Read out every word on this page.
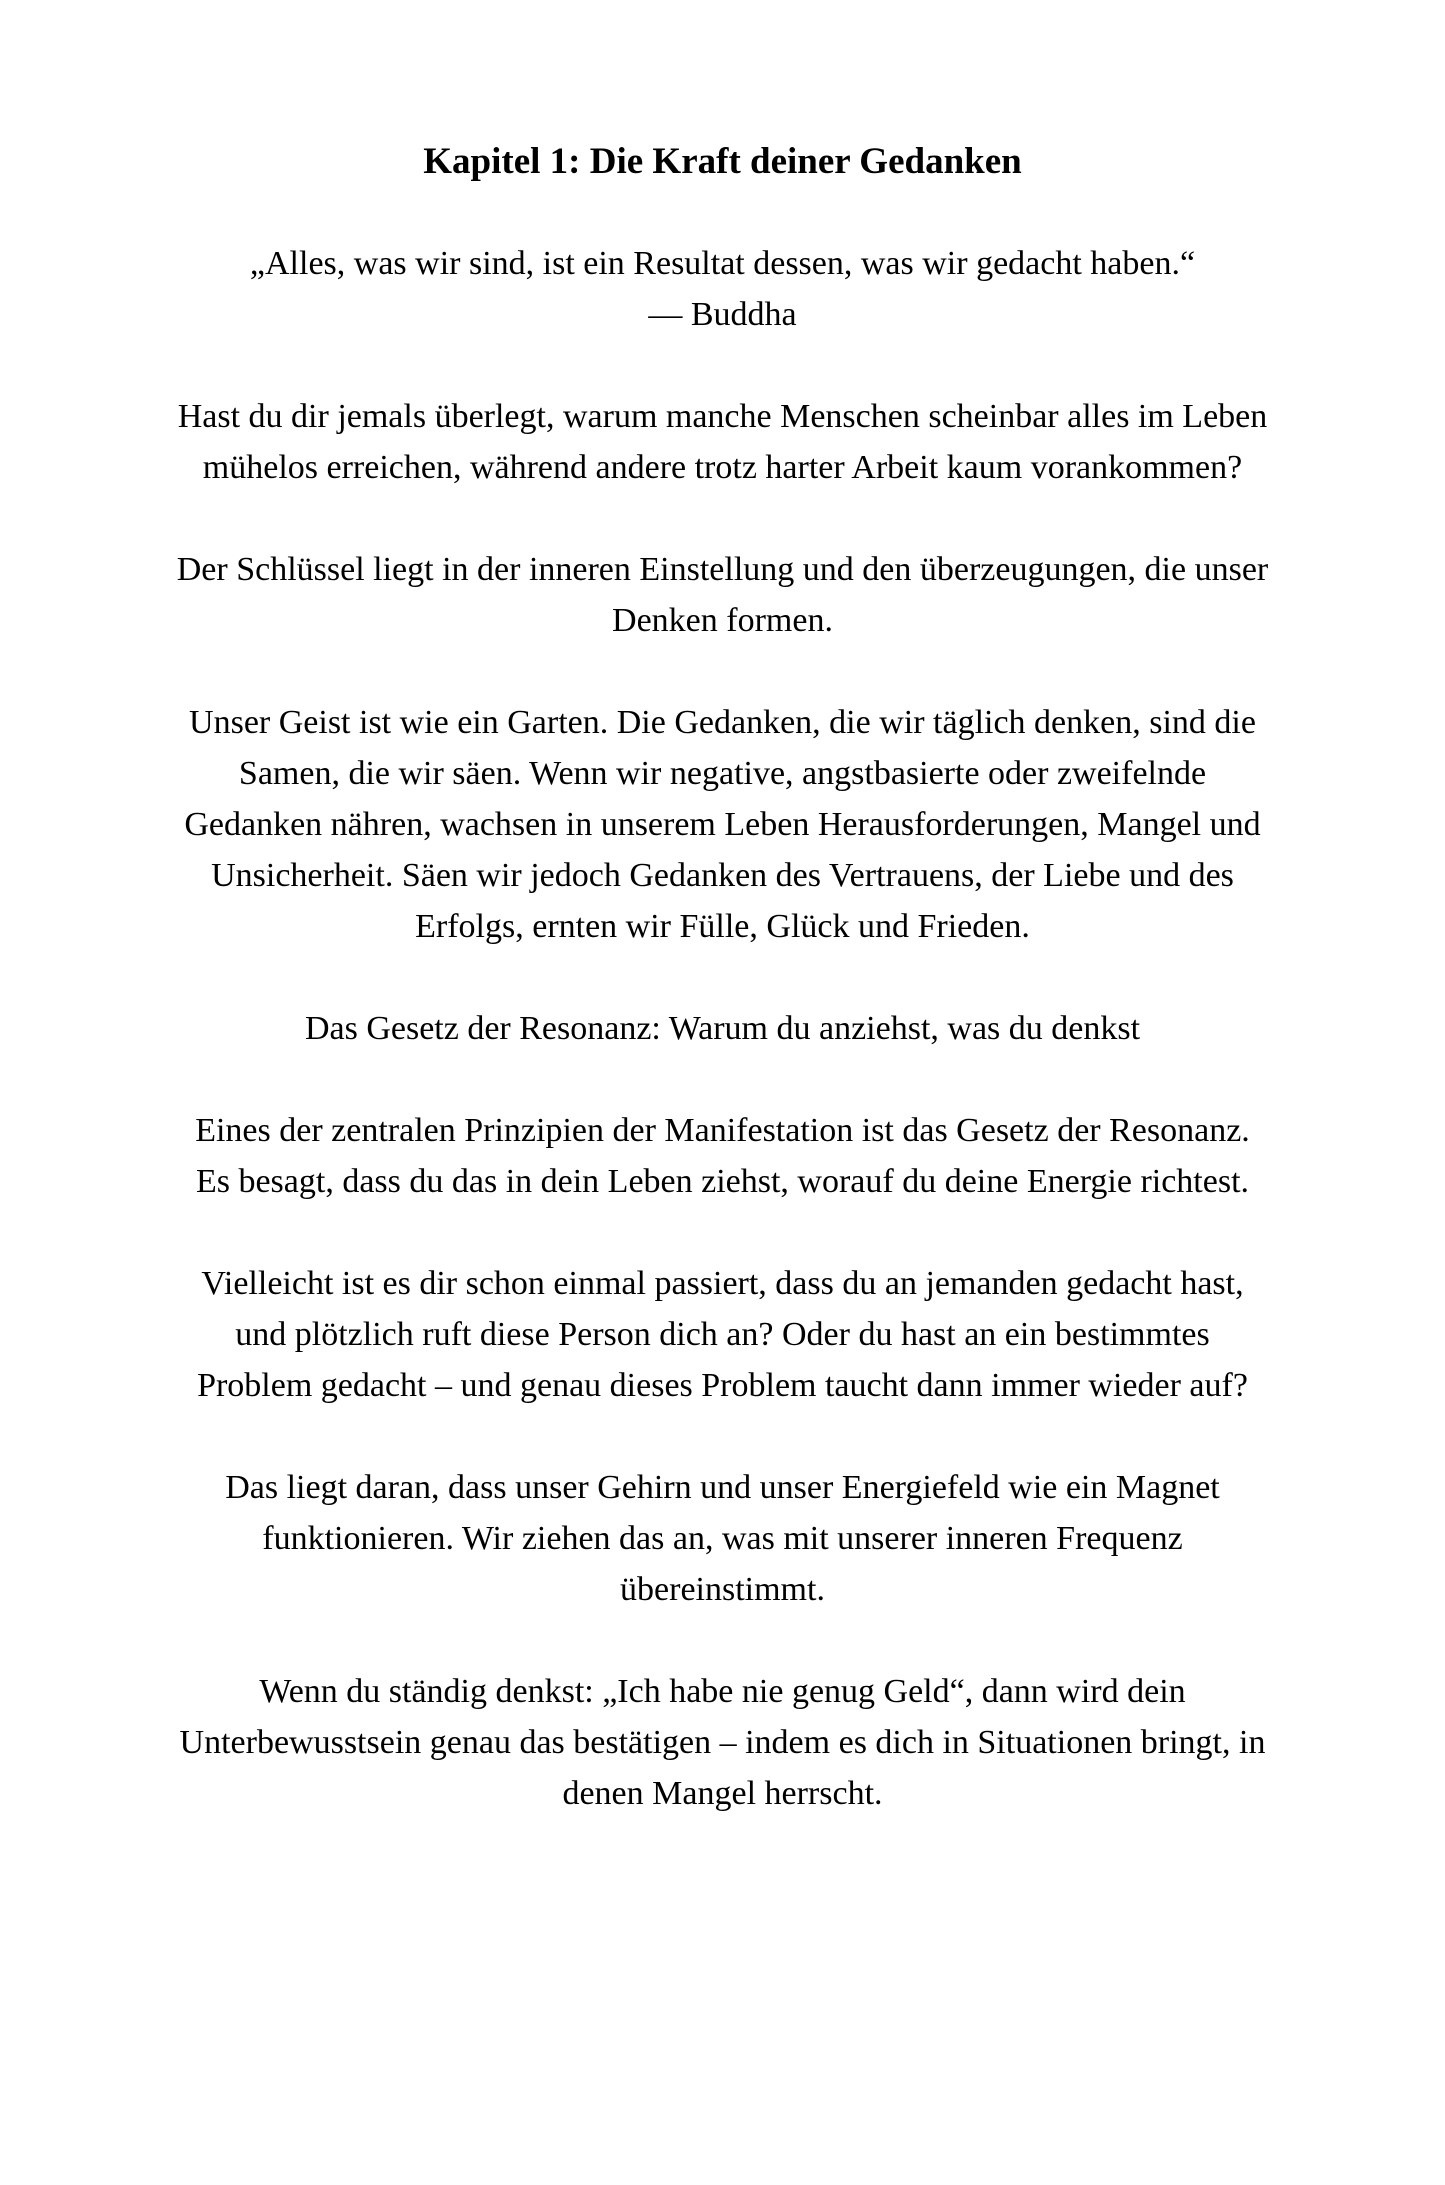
Kapitel 1: Die Kraft deiner Gedanken
„Alles, was wir sind, ist ein Resultat dessen, was wir gedacht haben.“
— Buddha
Hast du dir jemals überlegt, warum manche Menschen scheinbar alles im Leben
mühelos erreichen, während andere trotz harter Arbeit kaum vorankommen?
Der Schlüssel liegt in der inneren Einstellung und den überzeugungen, die unser
Denken formen.
Unser Geist ist wie ein Garten. Die Gedanken, die wir täglich denken, sind die
Samen, die wir säen. Wenn wir negative, angstbasierte oder zweifelnde
Gedanken nähren, wachsen in unserem Leben Herausforderungen, Mangel und
Unsicherheit. Säen wir jedoch Gedanken des Vertrauens, der Liebe und des
Erfolgs, ernten wir Fülle, Glück und Frieden.
Das Gesetz der Resonanz: Warum du anziehst, was du denkst
Eines der zentralen Prinzipien der Manifestation ist das Gesetz der Resonanz.
Es besagt, dass du das in dein Leben ziehst, worauf du deine Energie richtest.
Vielleicht ist es dir schon einmal passiert, dass du an jemanden gedacht hast,
und plötzlich ruft diese Person dich an? Oder du hast an ein bestimmtes
Problem gedacht – und genau dieses Problem taucht dann immer wieder auf?
Das liegt daran, dass unser Gehirn und unser Energiefeld wie ein Magnet
funktionieren. Wir ziehen das an, was mit unserer inneren Frequenz
übereinstimmt.
Wenn du ständig denkst: „Ich habe nie genug Geld“, dann wird dein
Unterbewusstsein genau das bestätigen – indem es dich in Situationen bringt, in
denen Mangel herrscht.
